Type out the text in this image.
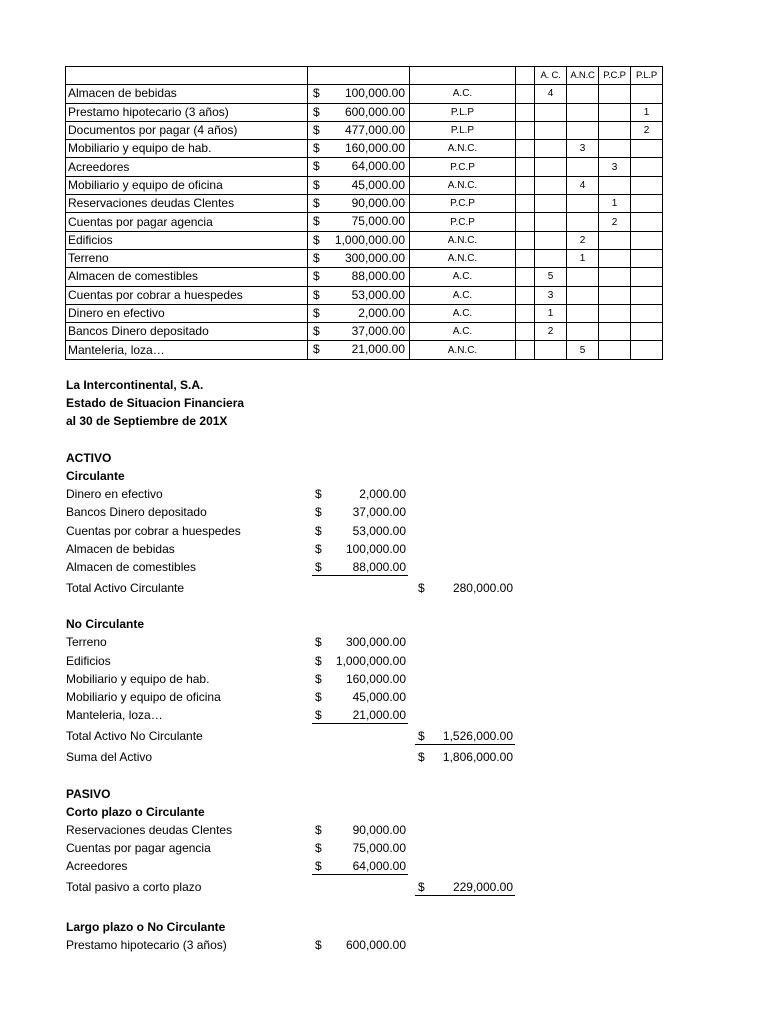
				A. C.	A.N.C	P.C.P	P.L.P
Almacen de bebidas	$ 100,000.00	A.C.		4			
Prestamo hipotecario (3 años)	$ 600,000.00	P.L.P					1
Documentos por pagar (4 años)	$ 477,000.00	P.L.P					2
Mobiliario y equipo de hab.	$ 160,000.00	A.N.C.			3		
Acreedores	$ 64,000.00	P.C.P				3	
Mobiliario y equipo de oficina	$ 45,000.00	A.N.C.			4		
Reservaciones deudas Clentes	$ 90,000.00	P.C.P				1	
Cuentas por pagar agencia	$ 75,000.00	P.C.P				2	
Edificios	$ 1,000,000.00	A.N.C.			2		
Terreno	$ 300,000.00	A.N.C.			1		
Almacen de comestibles	$ 88,000.00	A.C.		5			
Cuentas por cobrar a huespedes	$ 53,000.00	A.C.		3			
Dinero en efectivo	$ 2,000.00	A.C.		1			
Bancos Dinero depositado	$ 37,000.00	A.C.		2			
Manteleria, loza…	$ 21,000.00	A.N.C.			5		
La Intercontinental, S.A.
Estado de Situacion Financiera
al 30 de Septiembre de 201X
ACTIVO
Circulante
Dinero en efectivo	$	2,000.00
Bancos Dinero depositado	$	37,000.00
Cuentas por cobrar a huespedes	$	53,000.00
Almacen de bebidas	$ 100,000.00
Almacen de comestibles	$	88,000.00
Total Activo Circulante	$ 280,000.00
No Circulante
Terreno	$ 300,000.00
Edificios	$ 1,000,000.00
Mobiliario y equipo de hab.	$ 160,000.00
Mobiliario y equipo de oficina	$	45,000.00
Manteleria, loza…	$	21,000.00
Total Activo No Circulante	$ 1,526,000.00
Suma del Activo	$ 1,806,000.00
PASIVO
Corto plazo o Circulante
Reservaciones deudas Clentes	$	90,000.00
Cuentas por pagar agencia	$	75,000.00
Acreedores	$	64,000.00
Total pasivo a corto plazo	$ 229,000.00
Largo plazo o No Circulante
Prestamo hipotecario (3 años)	$ 600,000.00
